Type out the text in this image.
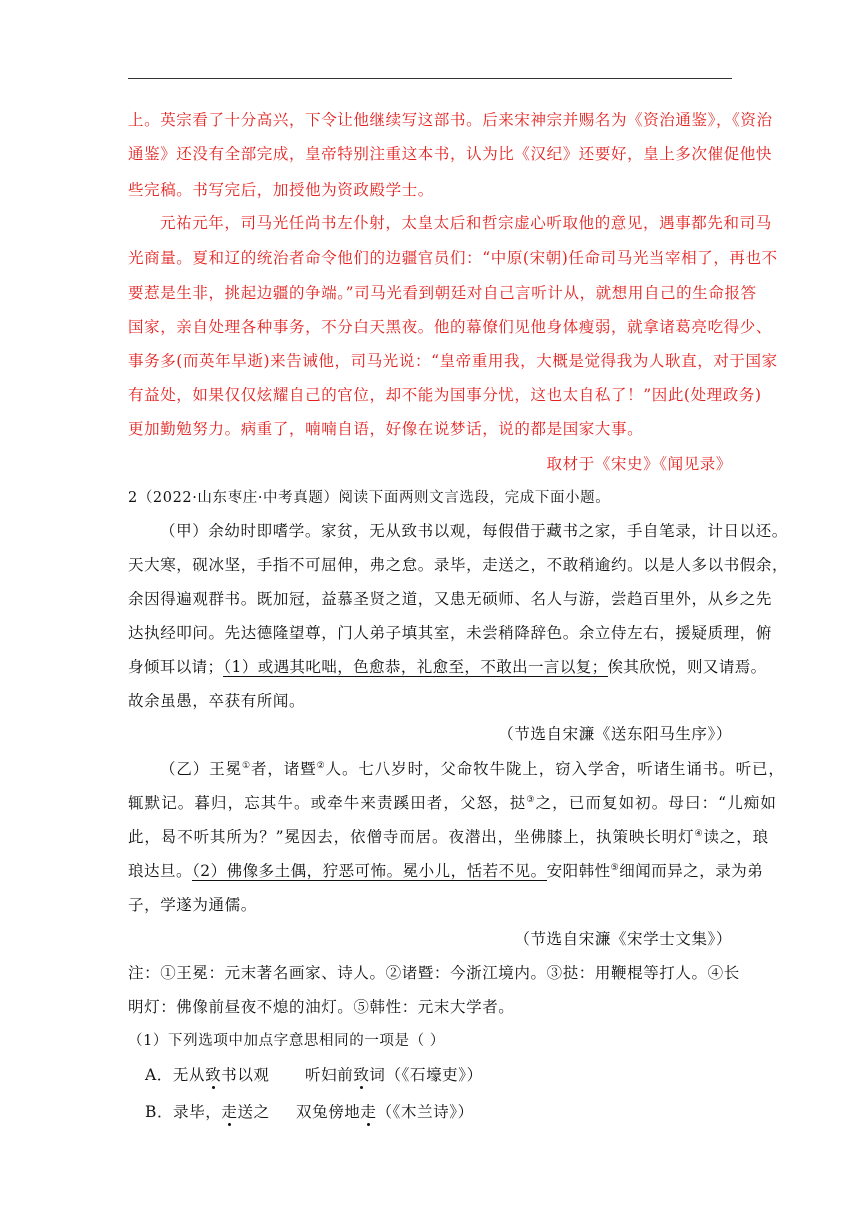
上。英宗看了十分高兴，下令让他继续写这部书。后来宋神宗并赐名为《资治通鉴》，《资治
通鉴》还没有全部完成，皇帝特别注重这本书，认为比《汉纪》还要好，皇上多次催促他快
些完稿。书写完后，加授他为资政殿学士。
元祐元年，司马光任尚书左仆射，太皇太后和哲宗虚心听取他的意见，遇事都先和司马
光商量。夏和辽的统治者命令他们的边疆官员们：“中原(宋朝)任命司马光当宰相了，再也不
要惹是生非，挑起边疆的争端。”司马光看到朝廷对自己言听计从，就想用自己的生命报答
国家，亲自处理各种事务，不分白天黑夜。他的幕僚们见他身体瘦弱，就拿诸葛亮吃得少、
事务多(而英年早逝)来告诫他，司马光说：“皇帝重用我，大概是觉得我为人耿直，对于国家
有益处，如果仅仅炫耀自己的官位，却不能为国事分忧，这也太自私了！”因此(处理政务)
更加勤勉努力。病重了，喃喃自语，好像在说梦话，说的都是国家大事。
取材于《宋史》《闻见录》
2（2022·山东枣庄·中考真题）阅读下面两则文言选段，完成下面小题。
（甲）余幼时即嗜学。家贫，无从致书以观，每假借于藏书之家，手自笔录，计日以还。
天大寒，砚冰坚，手指不可屈伸，弗之怠。录毕，走送之，不敢稍逾约。以是人多以书假余，
余因得遍观群书。既加冠，益慕圣贤之道，又患无硕师、名人与游，尝趋百里外，从乡之先
达执经叩问。先达德隆望尊，门人弟子填其室，未尝稍降辞色。余立侍左右，援疑质理，俯
身倾耳以请；（1）或遇其叱咄，色愈恭，礼愈至，不敢出一言以复；俟其欣悦，则又请焉。
故余虽愚，卒获有所闻。
（节选自宋濂《送东阳马生序》）
（乙）王冕①者，诸暨②人。七八岁时，父命牧牛陇上，窃入学舍，听诸生诵书。听已，
辄默记。暮归，忘其牛。或牵牛来责蹊田者，父怒，挞③之，已而复如初。母曰：“儿痴如
此，曷不听其所为？”冕因去，依僧寺而居。夜潜出，坐佛膝上，执策映长明灯④读之，琅
琅达旦。（2）佛像多土偶，狞恶可怖。冕小儿，恬若不见。安阳韩性⑤细闻而异之，录为弟
子，学遂为通儒。
（节选自宋濂《宋学士文集》）
注：①王冕：元末著名画家、诗人。②诸暨：今浙江境内。③挞：用鞭棍等打人。④长
明灯：佛像前昼夜不熄的油灯。⑤韩性：元末大学者。
（1）下列选项中加点字意思相同的一项是（ ）
A．无从致书以观 听妇前致词（《石壕吏》）
B．录毕，走送之 双兔傍地走（《木兰诗》）
